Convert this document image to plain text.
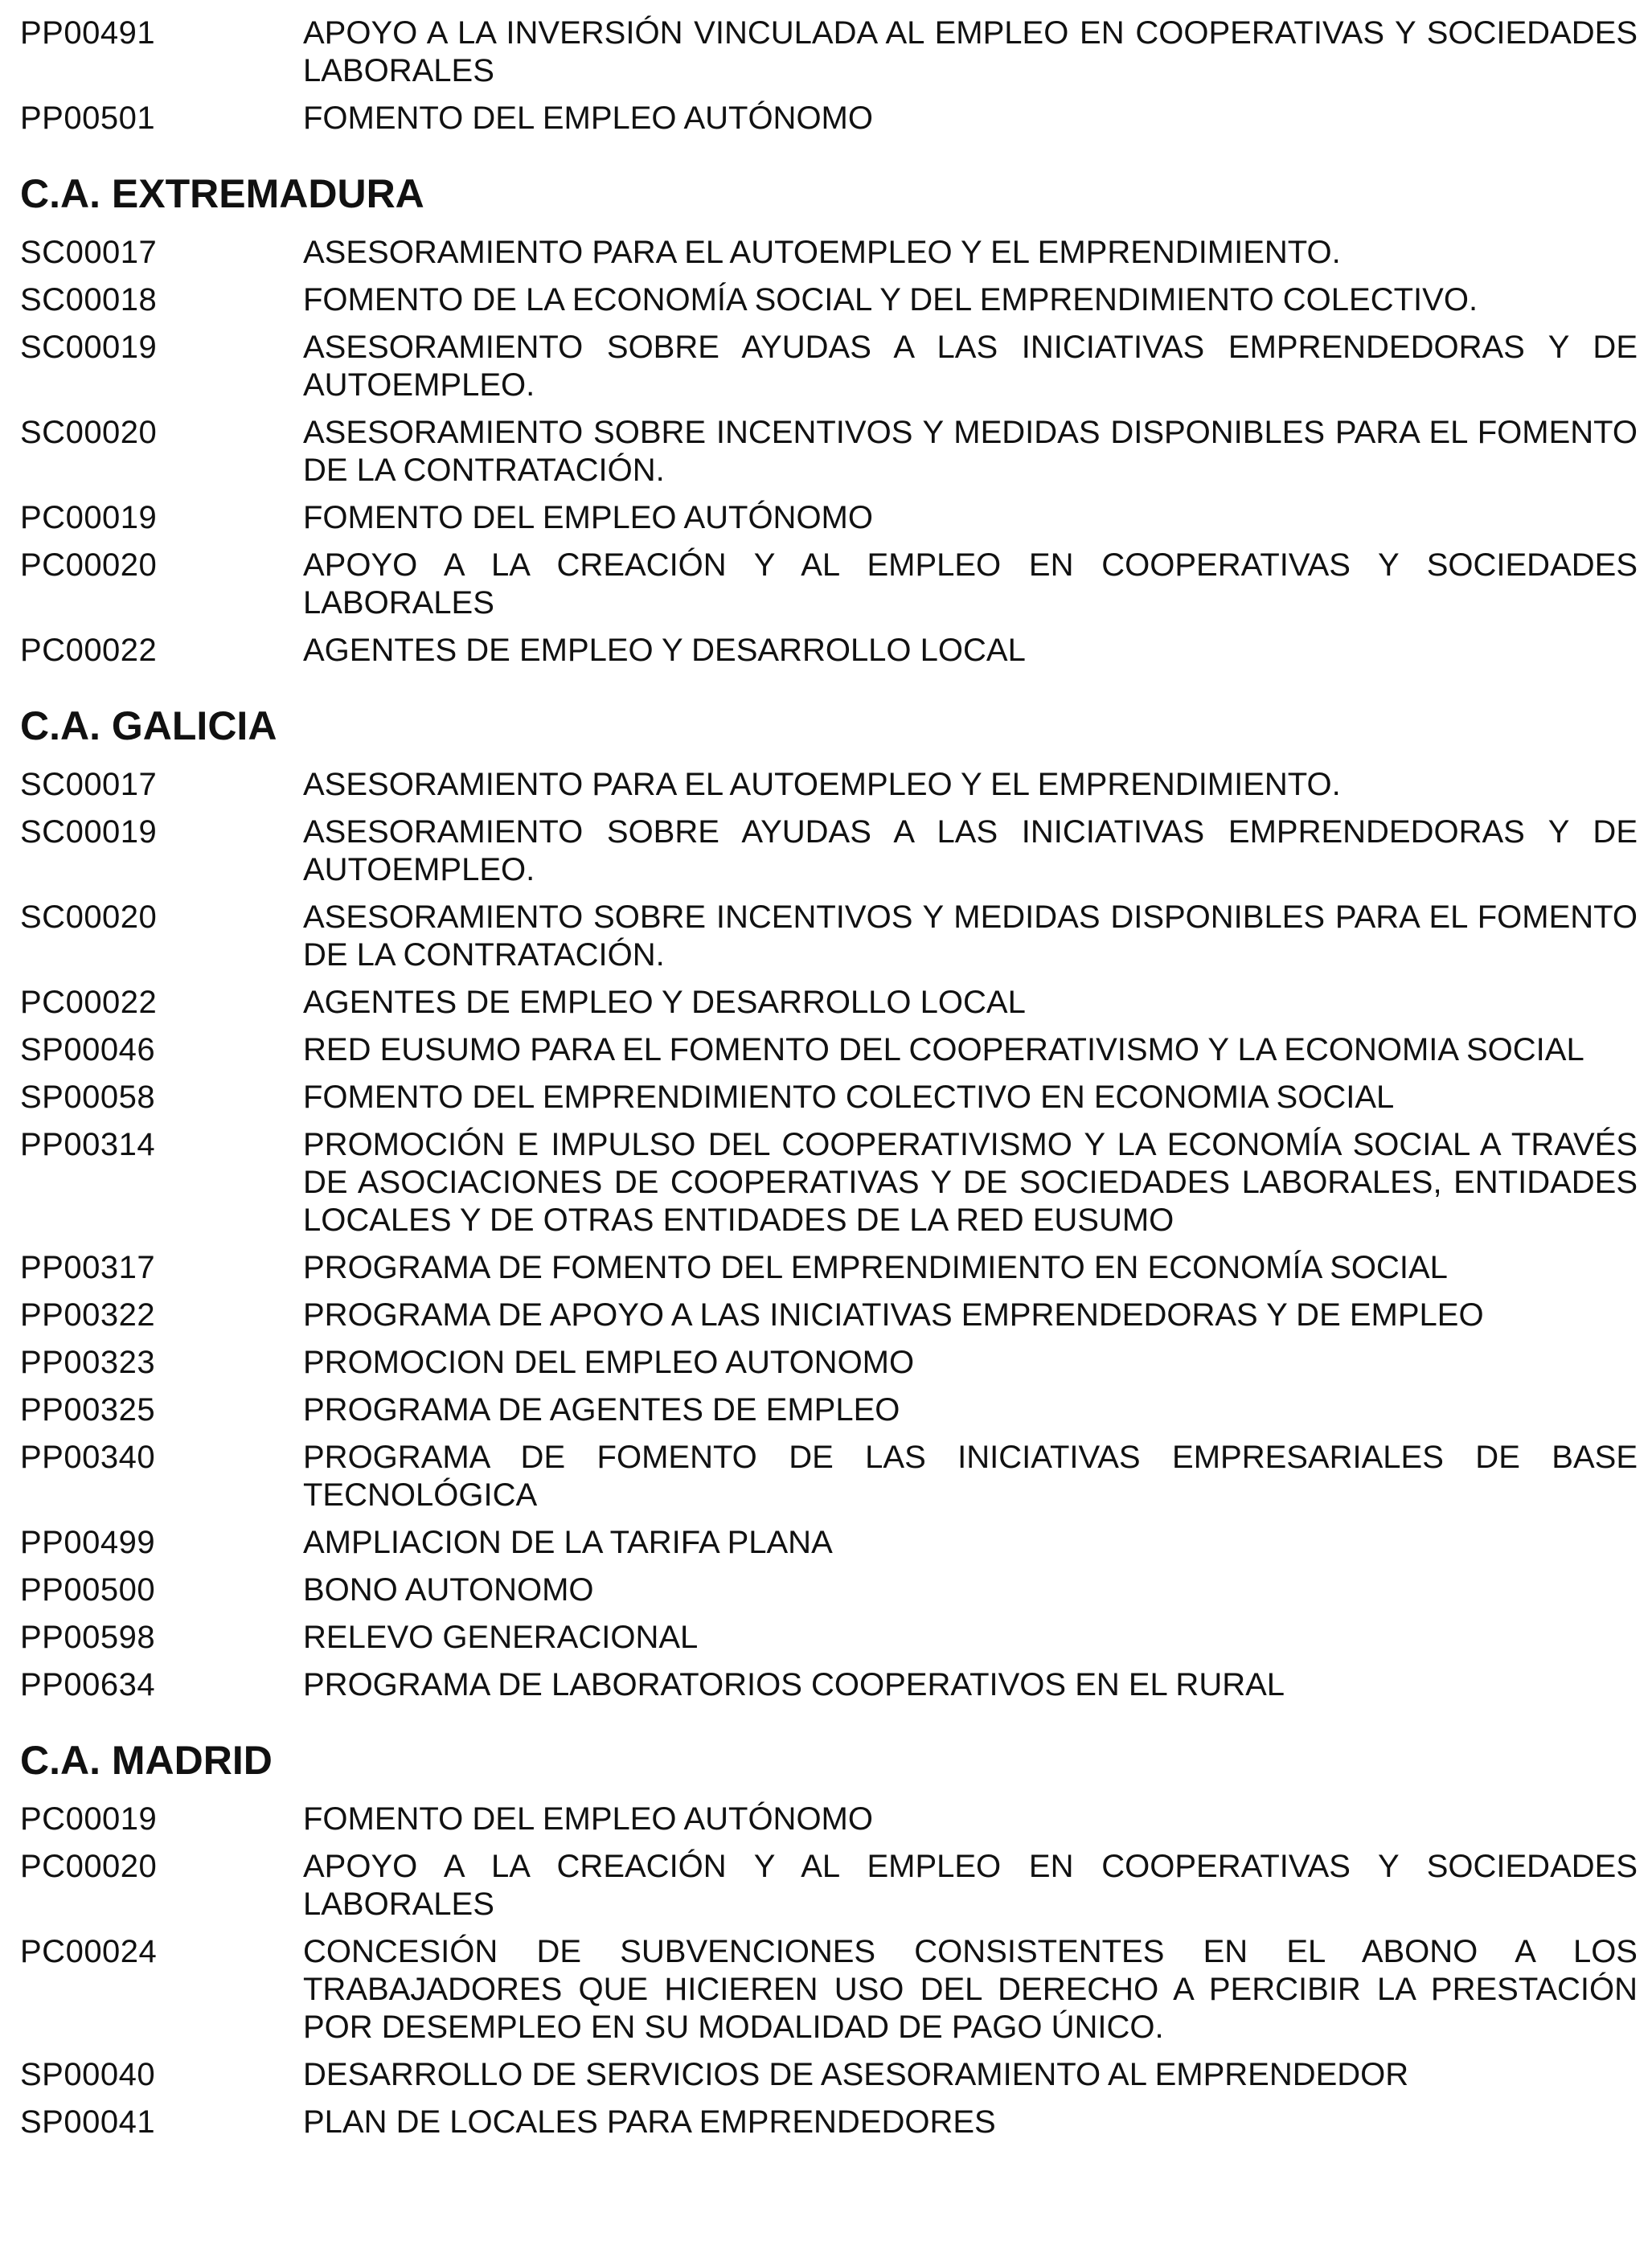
PP00491	APOYO A LA INVERSIÓN VINCULADA AL EMPLEO EN COOPERATIVAS Y SOCIEDADES LABORALES
PP00501	FOMENTO DEL EMPLEO AUTÓNOMO
C.A. EXTREMADURA
SC00017	ASESORAMIENTO PARA EL AUTOEMPLEO Y EL EMPRENDIMIENTO.
SC00018	FOMENTO DE LA ECONOMÍA SOCIAL Y DEL EMPRENDIMIENTO COLECTIVO.
SC00019	ASESORAMIENTO SOBRE AYUDAS A LAS INICIATIVAS EMPRENDEDORAS Y DE AUTOEMPLEO.
SC00020	ASESORAMIENTO SOBRE INCENTIVOS Y MEDIDAS DISPONIBLES PARA EL FOMENTO DE LA CONTRATACIÓN.
PC00019	FOMENTO DEL EMPLEO AUTÓNOMO
PC00020	APOYO A LA CREACIÓN Y AL EMPLEO EN COOPERATIVAS Y SOCIEDADES LABORALES
PC00022	AGENTES DE EMPLEO Y DESARROLLO LOCAL
C.A. GALICIA
SC00017	ASESORAMIENTO PARA EL AUTOEMPLEO Y EL EMPRENDIMIENTO.
SC00019	ASESORAMIENTO SOBRE AYUDAS A LAS INICIATIVAS EMPRENDEDORAS Y DE AUTOEMPLEO.
SC00020	ASESORAMIENTO SOBRE INCENTIVOS Y MEDIDAS DISPONIBLES PARA EL FOMENTO DE LA CONTRATACIÓN.
PC00022	AGENTES DE EMPLEO Y DESARROLLO LOCAL
SP00046	RED EUSUMO PARA EL FOMENTO DEL COOPERATIVISMO Y LA ECONOMIA SOCIAL
SP00058	FOMENTO DEL EMPRENDIMIENTO COLECTIVO EN ECONOMIA SOCIAL
PP00314	PROMOCIÓN E IMPULSO DEL COOPERATIVISMO Y LA ECONOMÍA SOCIAL A TRAVÉS DE ASOCIACIONES DE COOPERATIVAS Y DE SOCIEDADES LABORALES, ENTIDADES LOCALES Y DE OTRAS ENTIDADES DE LA RED EUSUMO
PP00317	PROGRAMA DE FOMENTO DEL EMPRENDIMIENTO EN ECONOMÍA SOCIAL
PP00322	PROGRAMA DE APOYO A LAS INICIATIVAS EMPRENDEDORAS Y DE EMPLEO
PP00323	PROMOCION DEL EMPLEO AUTONOMO
PP00325	PROGRAMA DE AGENTES DE EMPLEO
PP00340	PROGRAMA DE FOMENTO DE LAS INICIATIVAS EMPRESARIALES DE BASE TECNOLÓGICA
PP00499	AMPLIACION DE LA TARIFA PLANA
PP00500	BONO AUTONOMO
PP00598	RELEVO GENERACIONAL
PP00634	PROGRAMA DE LABORATORIOS COOPERATIVOS EN EL RURAL
C.A. MADRID
PC00019	FOMENTO DEL EMPLEO AUTÓNOMO
PC00020	APOYO A LA CREACIÓN Y AL EMPLEO EN COOPERATIVAS Y SOCIEDADES LABORALES
PC00024	CONCESIÓN DE SUBVENCIONES CONSISTENTES EN EL ABONO A LOS TRABAJADORES QUE HICIEREN USO DEL DERECHO A PERCIBIR LA PRESTACIÓN POR DESEMPLEO EN SU MODALIDAD DE PAGO ÚNICO.
SP00040	DESARROLLO DE SERVICIOS DE ASESORAMIENTO AL EMPRENDEDOR
SP00041	PLAN DE LOCALES PARA EMPRENDEDORES
